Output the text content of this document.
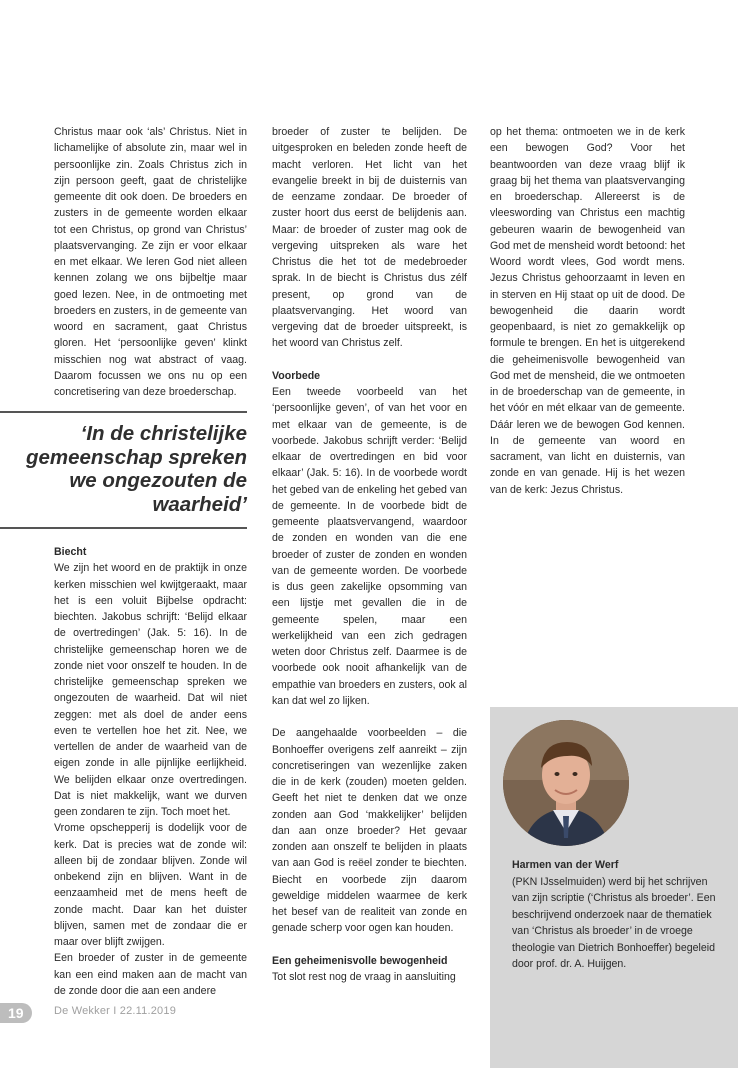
Christus maar ook ‘als’ Christus. Niet in lichamelijke of absolute zin, maar wel in persoonlijke zin. Zoals Christus zich in zijn persoon geeft, gaat de christelijke gemeente dit ook doen. De broeders en zusters in de gemeente worden elkaar tot een Christus, op grond van Christus’ plaatsvervanging. Ze zijn er voor elkaar en met elkaar. We leren God niet alleen kennen zolang we ons bijbeltje maar goed lezen. Nee, in de ontmoeting met broeders en zusters, in de gemeente van woord en sacrament, gaat Christus gloren. Het ‘persoonlijke geven’ klinkt misschien nog wat abstract of vaag. Daarom focussen we ons nu op een concretisering van deze broederschap.

‘In de christelijke gemeenschap spreken we ongezouten de waarheid’

Biecht

We zijn het woord en de praktijk in onze kerken misschien wel kwijtgeraakt, maar het is een voluit Bijbelse opdracht: biechten. Jakobus schrijft: ‘Belijd elkaar de overtredingen’ (Jak. 5: 16). In de christelijke gemeenschap horen we de zonde niet voor onszelf te houden. In de christelijke gemeenschap spreken we ongezouten de waarheid. Dat wil niet zeggen: met als doel de ander eens even te vertellen hoe het zit. Nee, we vertellen de ander de waarheid van de eigen zonde in alle pijnlijke eerlijkheid. We belijden elkaar onze overtredingen. Dat is niet makkelijk, want we durven geen zondaren te zijn. Toch moet het.

Vrome opschepperij is dodelijk voor de kerk. Dat is precies wat de zonde wil: alleen bij de zondaar blijven. Zonde wil onbekend zijn en blijven. Want in de eenzaamheid met de mens heeft de zonde macht. Daar kan het duister blijven, samen met de zondaar die er maar over blijft zwijgen.

Een broeder of zuster in de gemeente kan een eind maken aan de macht van de zonde door die aan een andere

broeder of zuster te belijden. De uitgesproken en beleden zonde heeft de macht verloren. Het licht van het evangelie breekt in bij de duisternis van de eenzame zondaar. De broeder of zuster hoort dus eerst de belijdenis aan. Maar: de broeder of zuster mag ook de vergeving uitspreken als ware het Christus die het tot de medebroeder sprak. In de biecht is Christus dus zélf present, op grond van de plaatsvervanging. Het woord van vergeving dat de broeder uitspreekt, is het woord van Christus zelf.

Voorbede

Een tweede voorbeeld van het ‘persoonlijke geven’, of van het voor en met elkaar van de gemeente, is de voorbede. Jakobus schrijft verder: ‘Belijd elkaar de overtredingen en bid voor elkaar’ (Jak. 5: 16). In de voorbede wordt het gebed van de enkeling het gebed van de gemeente. In de voorbede bidt de gemeente plaatsvervangend, waardoor de zonden en wonden van die ene broeder of zuster de zonden en wonden van de gemeente worden. De voorbede is dus geen zakelijke opsomming van een lijstje met gevallen die in de gemeente spelen, maar een werkelijkheid van een zich gedragen weten door Christus zelf. Daarmee is de voorbede ook nooit afhankelijk van de empathie van broeders en zusters, ook al kan dat wel zo lijken.

De aangehaalde voorbeelden – die Bonhoeffer overigens zelf aanreikt – zijn concretiseringen van wezenlijke zaken die in de kerk (zouden) moeten gelden. Geeft het niet te denken dat we onze zonden aan God ‘makkelijker’ belijden dan aan onze broeder? Het gevaar zonden aan onszelf te belijden in plaats van aan God is reëel zonder te biechten. Biecht en voorbede zijn daarom geweldige middelen waarmee de kerk het besef van de realiteit van zonde en genade scherp voor ogen kan houden.

Een geheimenisvolle bewogenheid

Tot slot rest nog de vraag in aansluiting

op het thema: ontmoeten we in de kerk een bewogen God? Voor het beantwoorden van deze vraag blijf ik graag bij het thema van plaatsvervanging en broederschap. Allereerst is de vleeswording van Christus een machtig gebeuren waarin de bewogenheid van God met de mensheid wordt betoond: het Woord wordt vlees, God wordt mens. Jezus Christus gehoorzaamt in leven en in sterven en Hij staat op uit de dood. De bewogenheid die daarin wordt geopenbaard, is niet zo gemakkelijk op formule te brengen. En het is uitgerekend die geheimenisvolle bewogenheid van God met de mensheid, die we ontmoeten in de broederschap van de gemeente, in het vóór en mét elkaar van de gemeente. Dáár leren we de bewogen God kennen. In de gemeente van woord en sacrament, van licht en duisternis, van zonde en van genade. Hij is het wezen van de kerk: Jezus Christus.

Harmen van der Werf
(PKN IJsselmuiden) werd bij het schrijven van zijn scriptie (‘Christus als broeder’. Een beschrijvend onderzoek naar de thematiek van ‘Christus als broeder’ in de vroege theologie van Dietrich Bonhoeffer) begeleid door prof. dr. A. Huijgen.
19	De Wekker I 22.11.2019
